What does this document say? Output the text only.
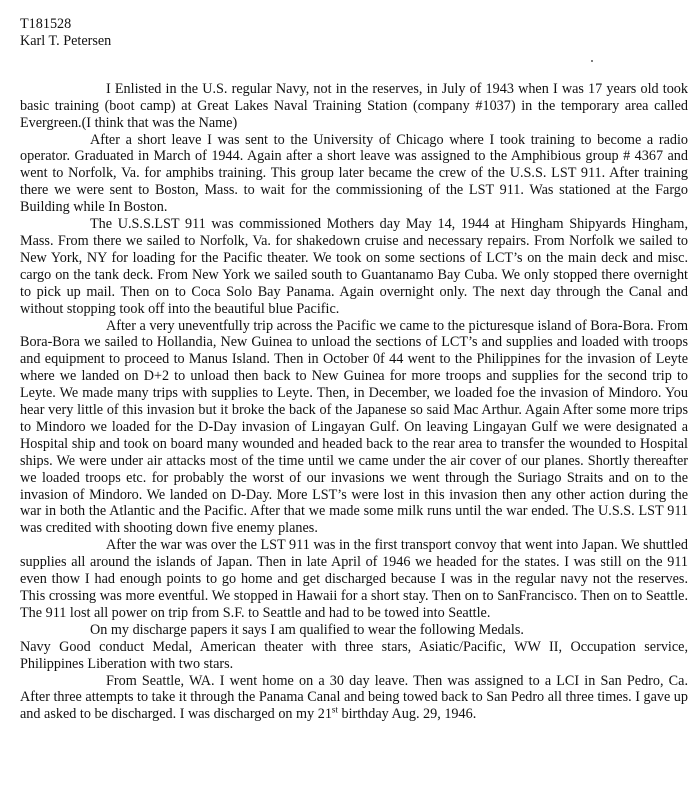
T181528
Karl T. Petersen

I Enlisted in the U.S. regular Navy, not in the reserves, in July of 1943 when I was 17 years old took basic training (boot camp) at Great Lakes Naval Training Station (company #1037) in the temporary area called Evergreen.(I think that was the Name)

After a short leave I was sent to the University of Chicago where I took training to become a radio operator. Graduated in March of 1944. Again after a short leave was assigned to the Amphibious group # 4367 and went to Norfolk, Va. for amphibs training. This group later became the crew of the U.S.S. LST 911. After training there we were sent to Boston, Mass. to wait for the commissioning of the LST 911. Was stationed at the Fargo Building while In Boston.

The U.S.S.LST 911 was commissioned Mothers day May 14, 1944 at Hingham Shipyards Hingham, Mass. From there we sailed to Norfolk, Va. for shakedown cruise and necessary repairs. From Norfolk we sailed to New York, NY for loading for the Pacific theater. We took on some sections of LCT’s on the main deck and misc. cargo on the tank deck. From New York we sailed south to Guantanamo Bay Cuba. We only stopped there overnight to pick up mail. Then on to Coca Solo Bay Panama. Again overnight only. The next day through the Canal and without stopping took off into the beautiful blue Pacific.

After a very uneventfully trip across the Pacific we came to the picturesque island of Bora-Bora. From Bora-Bora we sailed to Hollandia, New Guinea to unload the sections of LCT’s and supplies and loaded with troops and equipment to proceed to Manus Island. Then in October 0f 44 went to the Philippines for the invasion of Leyte where we landed on D+2 to unload then back to New Guinea for more troops and supplies for the second trip to Leyte. We made many trips with supplies to Leyte. Then, in December, we loaded foe the invasion of Mindoro. You hear very little of this invasion but it broke the back of the Japanese so said Mac Arthur. Again After some more trips to Mindoro we loaded for the D-Day invasion of Lingayan Gulf. On leaving Lingayan Gulf we were designated a Hospital ship and took on board many wounded and headed back to the rear area to transfer the wounded to Hospital ships. We were under air attacks most of the time until we came under the air cover of our planes. Shortly thereafter we loaded troops etc. for probably the worst of our invasions we went through the Suriago Straits and on to the invasion of Mindoro. We landed on D-Day. More LST’s were lost in this invasion then any other action during the war in both the Atlantic and the Pacific. After that we made some milk runs until the war ended. The U.S.S. LST 911 was credited with shooting down five enemy planes.

After the war was over the LST 911 was in the first transport convoy that went into Japan. We shuttled supplies all around the islands of Japan. Then in late April of 1946 we headed for the states. I was still on the 911 even thow I had enough points to go home and get discharged because I was in the regular navy not the reserves. This crossing was more eventful. We stopped in Hawaii for a short stay. Then on to SanFrancisco. Then on to Seattle. The 911 lost all power on trip from S.F. to Seattle and had to be towed into Seattle.

On my discharge papers it says I am qualified to wear the following Medals.

Navy Good conduct Medal, American theater with three stars, Asiatic/Pacific, WW II, Occupation service, Philippines Liberation with two stars.

From Seattle, WA. I went home on a 30 day leave. Then was assigned to a LCI in San Pedro, Ca. After three attempts to take it through the Panama Canal and being towed back to San Pedro all three times. I gave up and asked to be discharged. I was discharged on my 21st birthday Aug. 29, 1946.
